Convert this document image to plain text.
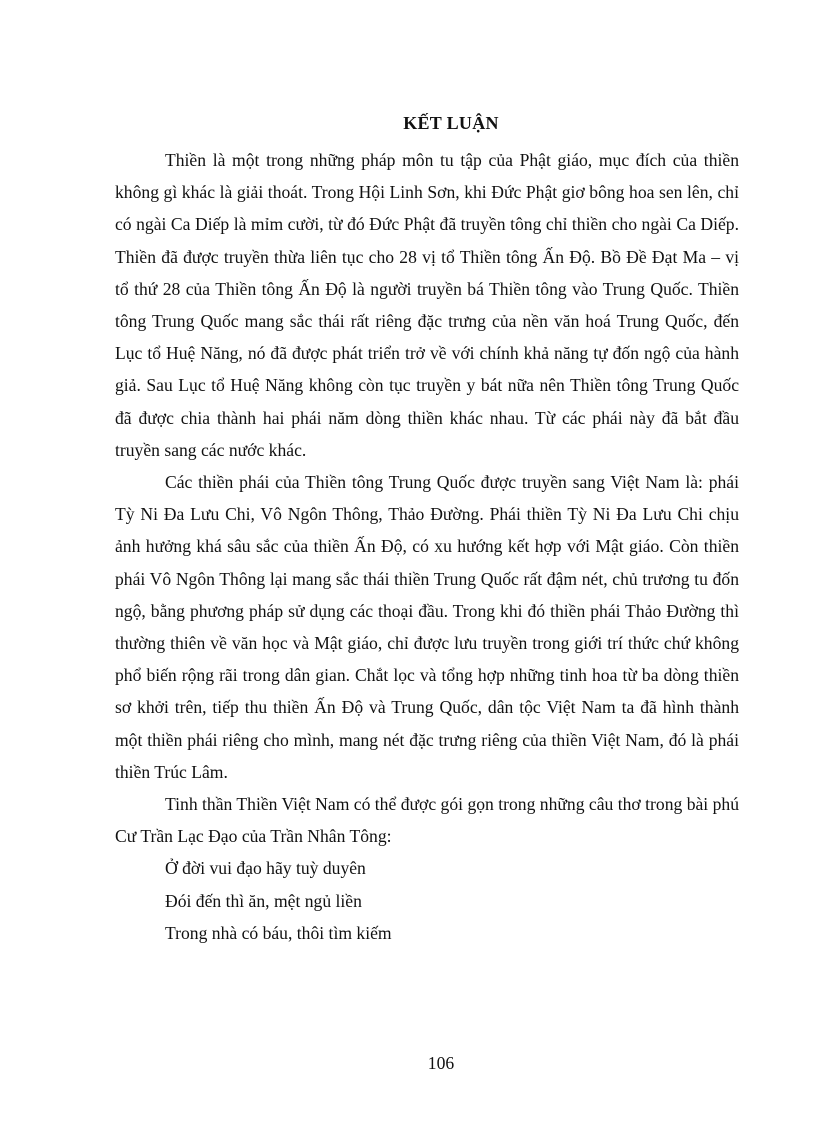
KẾT LUẬN

Thiền là một trong những pháp môn tu tập của Phật giáo, mục đích của thiền không gì khác là giải thoát. Trong Hội Linh Sơn, khi Đức Phật giơ bông hoa sen lên, chỉ có ngài Ca Diếp là mỉm cười, từ đó Đức Phật đã truyền tông chỉ thiền cho ngài Ca Diếp. Thiền đã được truyền thừa liên tục cho 28 vị tổ Thiền tông Ấn Độ. Bồ Đề Đạt Ma – vị tổ thứ 28 của Thiền tông Ấn Độ là người truyền bá Thiền tông vào Trung Quốc. Thiền tông Trung Quốc mang sắc thái rất riêng đặc trưng của nền văn hoá Trung Quốc, đến Lục tổ Huệ Năng, nó đã được phát triển trở về với chính khả năng tự đốn ngộ của hành giả. Sau Lục tổ Huệ Năng không còn tục truyền y bát nữa nên Thiền tông Trung Quốc đã được chia thành hai phái năm dòng thiền khác nhau. Từ các phái này đã bắt đầu truyền sang các nước khác.

Các thiền phái của Thiền tông Trung Quốc được truyền sang Việt Nam là: phái Tỳ Ni Đa Lưu Chi, Vô Ngôn Thông, Thảo Đường. Phái thiền Tỳ Ni Đa Lưu Chi chịu ảnh hưởng khá sâu sắc của thiền Ấn Độ, có xu hướng kết hợp với Mật giáo. Còn thiền phái Vô Ngôn Thông lại mang sắc thái thiền Trung Quốc rất đậm nét, chủ trương tu đốn ngộ, bằng phương pháp sử dụng các thoại đầu. Trong khi đó thiền phái Thảo Đường thì thường thiên về văn học và Mật giáo, chỉ được lưu truyền trong giới trí thức chứ không phổ biến rộng rãi trong dân gian. Chắt lọc và tổng hợp những tinh hoa từ ba dòng thiền sơ khởi trên, tiếp thu thiền Ấn Độ và Trung Quốc, dân tộc Việt Nam ta đã hình thành một thiền phái riêng cho mình, mang nét đặc trưng riêng của thiền Việt Nam, đó là phái thiền Trúc Lâm.

Tinh thần Thiền Việt Nam có thể được gói gọn trong những câu thơ trong bài phú Cư Trần Lạc Đạo của Trần Nhân Tông:

Ở đời vui đạo hãy tuỳ duyên

Đói đến thì ăn, mệt ngủ liền

Trong nhà có báu, thôi tìm kiếm

106
